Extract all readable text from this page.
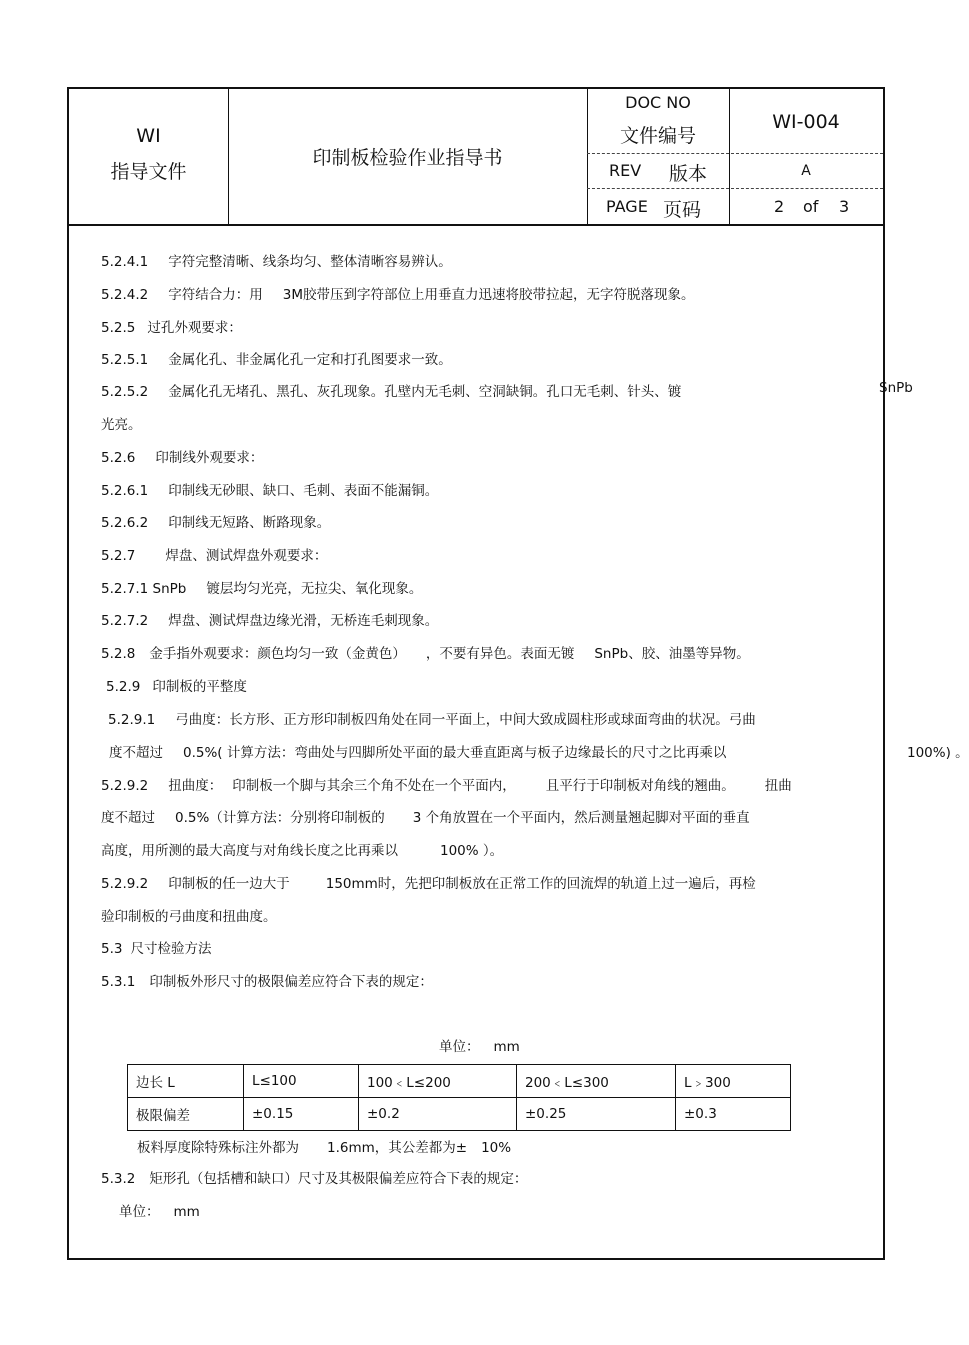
WI
指导文件
印制板检验作业指导书
DOC NO
文件编号
WI-004
REV 版本	A
PAGE 页码	2 of 3
5.2.4.1 字符完整清晰、线条均匀、整体清晰容易辨认。
5.2.4.2 字符结合力：用 3M胶带压到字符部位上用垂直力迅速将胶带拉起，无字符脱落现象。
5.2.5 过孔外观要求：
5.2.5.1 金属化孔、非金属化孔一定和打孔图要求一致。
5.2.5.2 金属化孔无堵孔、黑孔、灰孔现象。孔壁内无毛刺、空洞缺铜。孔口无毛刺、针头、镀	SnPb
光亮。
5.2.6 印制线外观要求：
5.2.6.1 印制线无砂眼、缺口、毛刺、表面不能漏铜。
5.2.6.2 印制线无短路、断路现象。
5.2.7 焊盘、测试焊盘外观要求：
5.2.7.1 SnPb 镀层均匀光亮，无拉尖、氧化现象。
5.2.7.2 焊盘、测试焊盘边缘光滑，无桥连毛刺现象。
5.2.8 金手指外观要求：颜色均匀一致（金黄色） ，不要有异色。表面无镀 SnPb、胶、油墨等异物。
5.2.9 印制板的平整度
5.2.9.1 弓曲度：长方形、正方形印制板四角处在同一平面上，中间大致成圆柱形或球面弯曲的状况。弓曲
度不超过 0.5%( 计算方法：弯曲处与四脚所处平面的最大垂直距离与板子边缘最长的尺寸之比再乘以	100%) 。
5.2.9.2 扭曲度： 印制板一个脚与其余三个角不处在一个平面内， 且平行于印制板对角线的翘曲。 扭曲
度不超过 0.5%（计算方法：分别将印制板的 3 个角放置在一个平面内，然后测量翘起脚对平面的垂直
高度，用所测的最大高度与对角线长度之比再乘以	100% ）。
5.2.9.2 印制板的任一边大于	150mm时，先把印制板放在正常工作的回流焊的轨道上过一遍后，再检
验印制板的弓曲度和扭曲度。
5.3 尺寸检验方法
5.3.1 印制板外形尺寸的极限偏差应符合下表的规定：
单位： mm
边长 L	L≤100	100﹤L≤200	200﹤L≤300	L﹥300
极限偏差	±0.15	±0.2	±0.25	±0.3
板料厚度除特殊标注外都为 1.6mm，其公差都为± 10%
5.3.2 矩形孔（包括槽和缺口）尺寸及其极限偏差应符合下表的规定：
单位： mm
